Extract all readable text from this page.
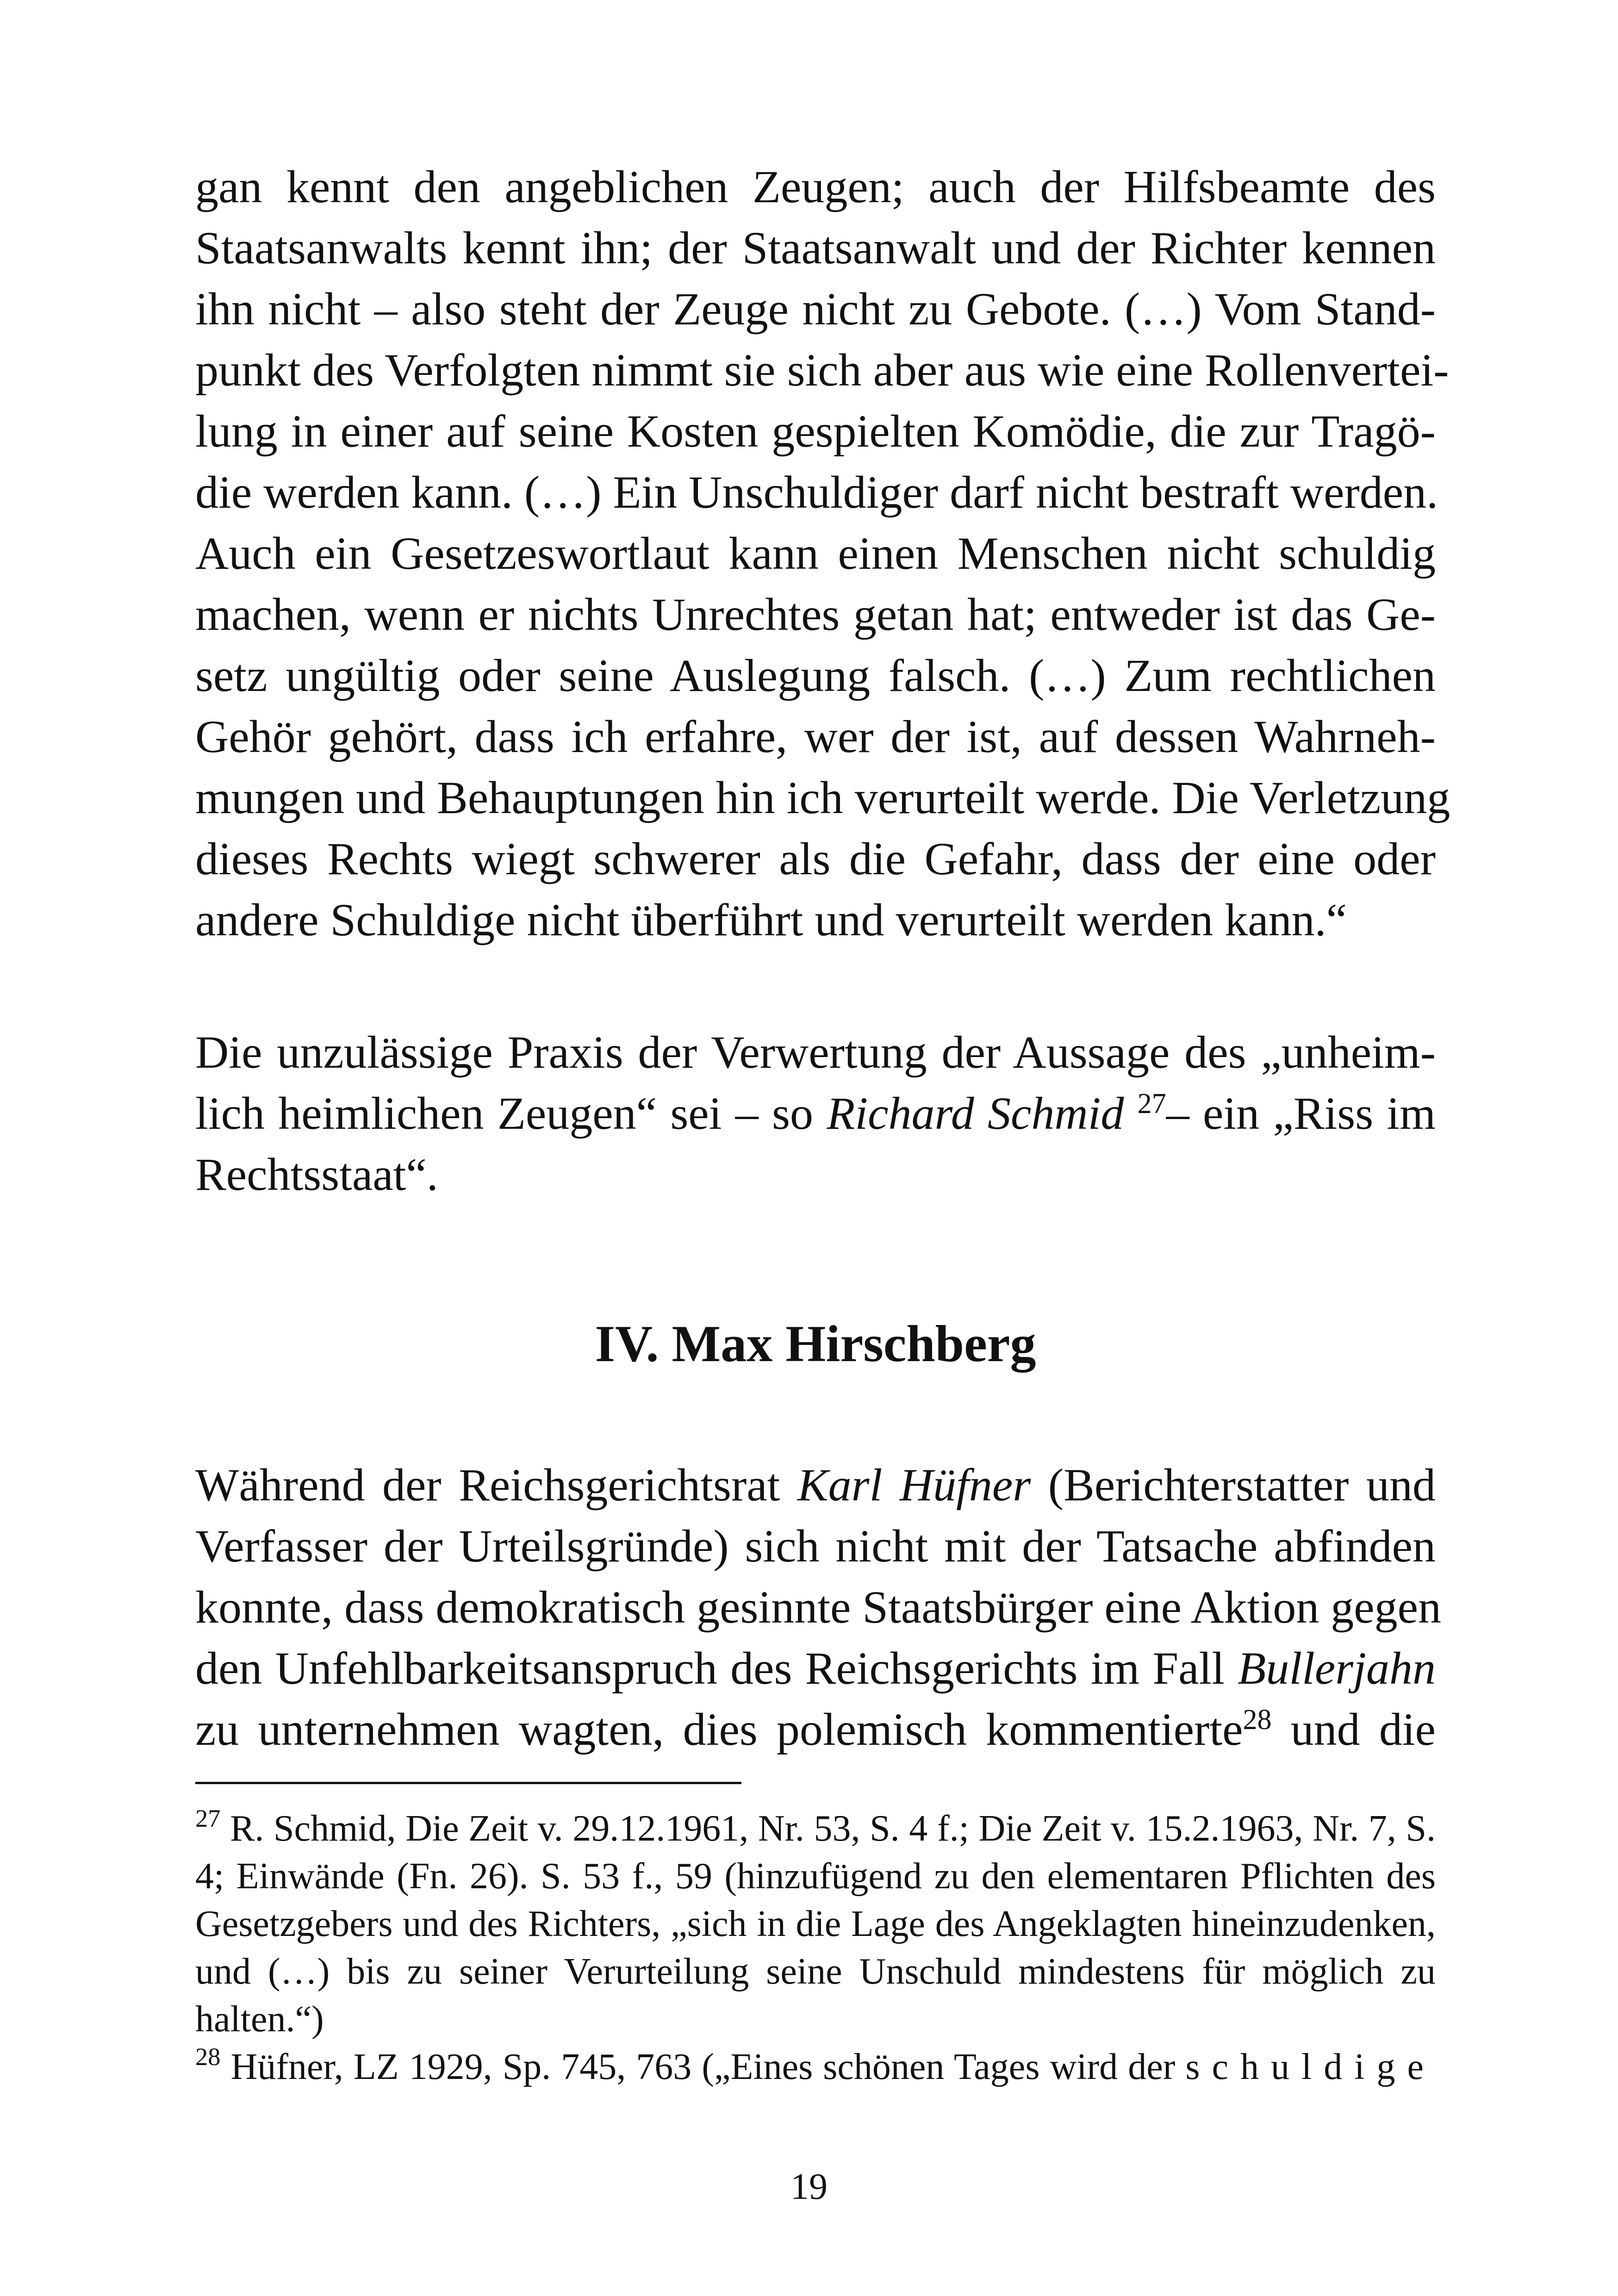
gan kennt den angeblichen Zeugen; auch der Hilfsbeamte des
Staatsanwalts kennt ihn; der Staatsanwalt und der Richter kennen
ihn nicht – also steht der Zeuge nicht zu Gebote. (…) Vom Stand-
punkt des Verfolgten nimmt sie sich aber aus wie eine Rollenvertei-
lung in einer auf seine Kosten gespielten Komödie, die zur Tragö-
die werden kann. (…) Ein Unschuldiger darf nicht bestraft werden.
Auch ein Gesetzeswortlaut kann einen Menschen nicht schuldig
machen, wenn er nichts Unrechtes getan hat; entweder ist das Ge-
setz ungültig oder seine Auslegung falsch. (…) Zum rechtlichen
Gehör gehört, dass ich erfahre, wer der ist, auf dessen Wahrneh-
mungen und Behauptungen hin ich verurteilt werde. Die Verletzung
dieses Rechts wiegt schwerer als die Gefahr, dass der eine oder
andere Schuldige nicht überführt und verurteilt werden kann.“
Die unzulässige Praxis der Verwertung der Aussage des „unheim-
lich heimlichen Zeugen“ sei – so Richard Schmid $^{27}$– ein „Riss im
Rechtsstaat“.
IV. Max Hirschberg
Während der Reichsgerichtsrat Karl Hüfner (Berichterstatter und
Verfasser der Urteilsgründe) sich nicht mit der Tatsache abfinden
konnte, dass demokratisch gesinnte Staatsbürger eine Aktion gegen
den Unfehlbarkeitsanspruch des Reichsgerichts im Fall Bullerjahn
zu unternehmen wagten, dies polemisch kommentierte$^{28}$ und die
$^{27}$ R. Schmid, Die Zeit v. 29.12.1961, Nr. 53, S. 4 f.; Die Zeit v. 15.2.1963, Nr. 7, S.
4; Einwände (Fn. 26). S. 53 f., 59 (hinzufügend zu den elementaren Pflichten des
Gesetzgebers und des Richters, „sich in die Lage des Angeklagten hineinzudenken,
und (…) bis zu seiner Verurteilung seine Unschuld mindestens für möglich zu
halten.“)
$^{28}$ Hüfner, LZ 1929, Sp. 745, 763 („Eines schönen Tages wird der schuldige
19
